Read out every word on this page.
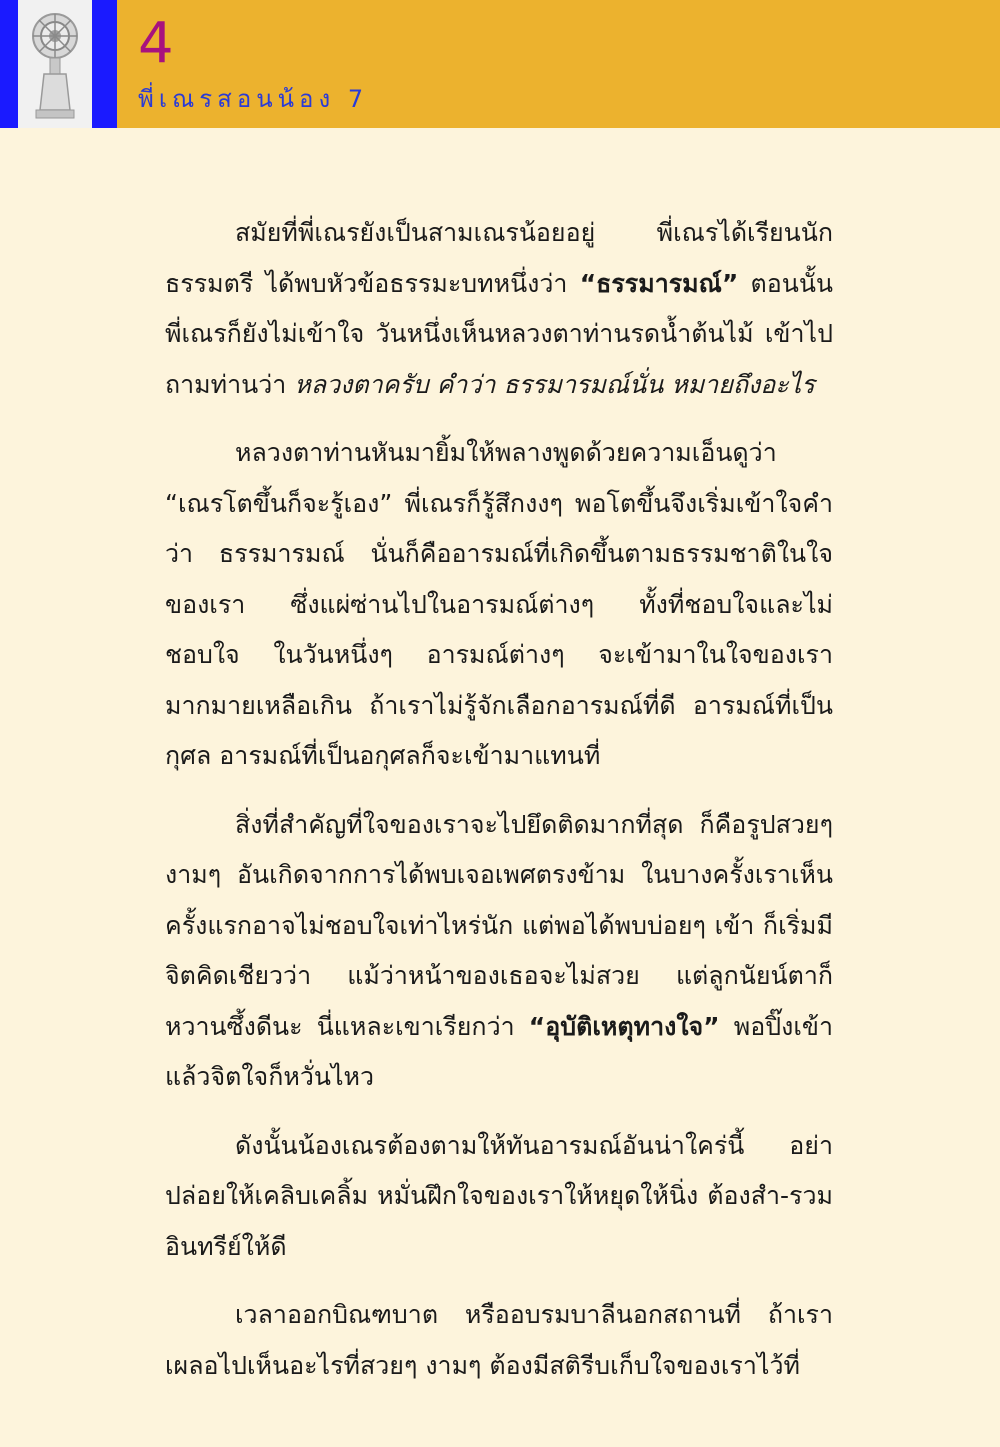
4
พี่เณรสอนน้อง 7

สมัยที่พี่เณรยังเป็นสามเณรน้อยอยู่ พี่เณรได้เรียนนักธรรมตรี ได้พบหัวข้อธรรมะบทหนึ่งว่า “ธรรมารมณ์” ตอนนั้นพี่เณรก็ยังไม่เข้าใจ วันหนึ่งเห็นหลวงตาท่านรดน้ำต้นไม้ เข้าไปถามท่านว่า หลวงตาครับ คำว่า ธรรมารมณ์นั่น หมายถึงอะไร

หลวงตาท่านหันมายิ้มให้พลางพูดด้วยความเอ็นดูว่า “เณรโตขึ้นก็จะรู้เอง” พี่เณรก็รู้สึกงงๆ พอโตขึ้นจึงเริ่มเข้าใจคำว่า ธรรมารมณ์ นั่นก็คืออารมณ์ที่เกิดขึ้นตามธรรมชาติในใจของเรา ซึ่งแผ่ซ่านไปในอารมณ์ต่างๆ ทั้งที่ชอบใจและไม่ชอบใจ ในวันหนึ่งๆ อารมณ์ต่างๆ จะเข้ามาในใจของเรามากมายเหลือเกิน ถ้าเราไม่รู้จักเลือกอารมณ์ที่ดี อารมณ์ที่เป็นกุศล อารมณ์ที่เป็นอกุศลก็จะเข้ามาแทนที่

สิ่งที่สำคัญที่ใจของเราจะไปยึดติดมากที่สุด ก็คือรูปสวยๆ งามๆ อันเกิดจากการได้พบเจอเพศตรงข้าม ในบางครั้งเราเห็นครั้งแรกอาจไม่ชอบใจเท่าไหร่นัก แต่พอได้พบบ่อยๆ เข้า ก็เริ่มมีจิตคิดเชียวว่า แม้ว่าหน้าของเธอจะไม่สวย แต่ลูกนัยน์ตาก็หวานซึ้งดีนะ นี่แหละเขาเรียกว่า “อุบัติเหตุทางใจ” พอปิ๊งเข้าแล้วจิตใจก็หวั่นไหว

ดังนั้นน้องเณรต้องตามให้ทันอารมณ์อันน่าใคร่นี้ อย่าปล่อยให้เคลิบเคลิ้ม หมั่นฝึกใจของเราให้หยุดให้นิ่ง ต้องสำ-รวมอินทรีย์ให้ดี

เวลาออกบิณฑบาต หรืออบรมบาลีนอกสถานที่ ถ้าเราเผลอไปเห็นอะไรที่สวยๆ งามๆ ต้องมีสติรีบเก็บใจของเราไว้ที่
